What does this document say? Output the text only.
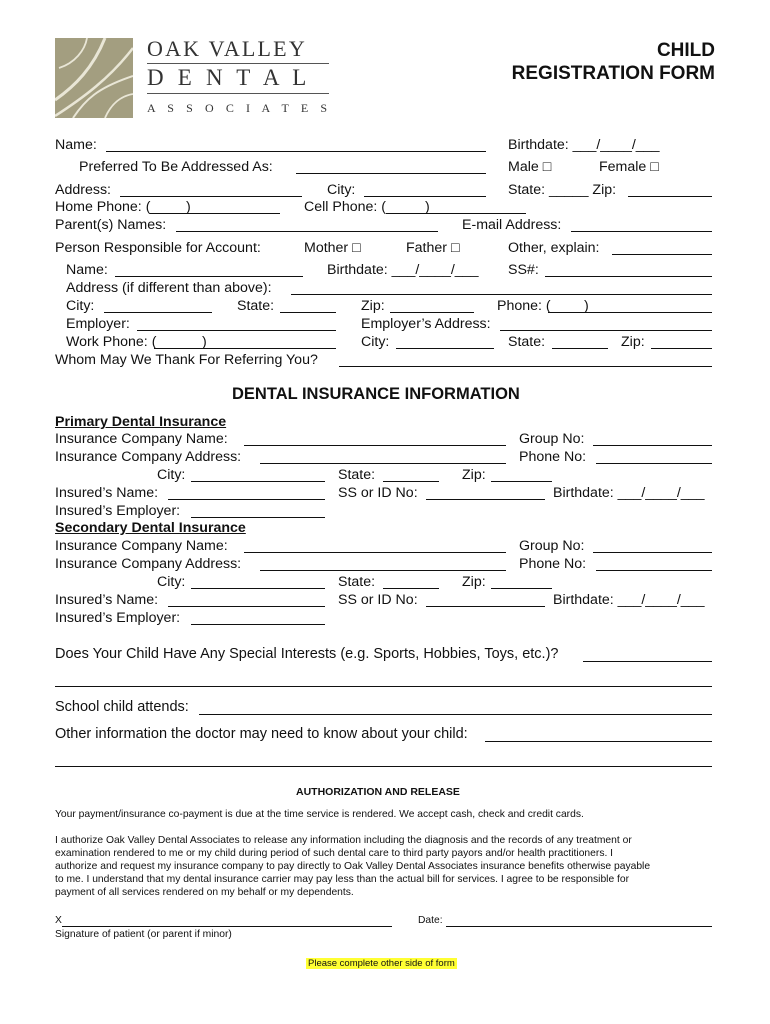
OAK VALLEY
D E N T A L
A S S O C I A T E S
CHILD
REGISTRATION FORM
Name:	Birthdate: ___/____/___
Preferred To Be Addressed As:	Male □	Female □
Address:	City:	State: _____ Zip:
Home Phone: (	)	Cell Phone: (	)
Parent(s) Names:	E-mail Address:
Person Responsible for Account:	Mother □	Father □	Other, explain:
Name:	Birthdate: ___/____/___ SS#:
Address (if different than above):
City:	State:	Zip:	Phone: ( )
Employer:	Employer’s Address:
Work Phone: (	)	City:	State:	Zip:
Whom May We Thank For Referring You?
DENTAL INSURANCE INFORMATION
Primary Dental Insurance
Insurance Company Name:	Group No:
Insurance Company Address:	Phone No:
City:	State:	Zip:
Insured’s Name:	SS or ID No:	Birthdate: ___/____/___
Insured’s Employer:
Secondary Dental Insurance
Insurance Company Name:	Group No:
Insurance Company Address:	Phone No:
City:	State:	Zip:
Insured’s Name:	SS or ID No:	Birthdate: ___/____/___
Insured’s Employer:
Does Your Child Have Any Special Interests (e.g. Sports, Hobbies, Toys, etc.)?
School child attends:
Other information the doctor may need to know about your child:
AUTHORIZATION AND RELEASE
Your payment/insurance co-payment is due at the time service is rendered. We accept cash, check and credit cards.
I authorize Oak Valley Dental Associates to release any information including the diagnosis and the records of any treatment or
examination rendered to me or my child during period of such dental care to third party payors and/or health practitioners. I
authorize and request my insurance company to pay directly to Oak Valley Dental Associates insurance benefits otherwise payable
to me. I understand that my dental insurance carrier may pay less than the actual bill for services. I agree to be responsible for
payment of all services rendered on my behalf or my dependents.
X	Date:
Signature of patient (or parent if minor)
Please complete other side of form
